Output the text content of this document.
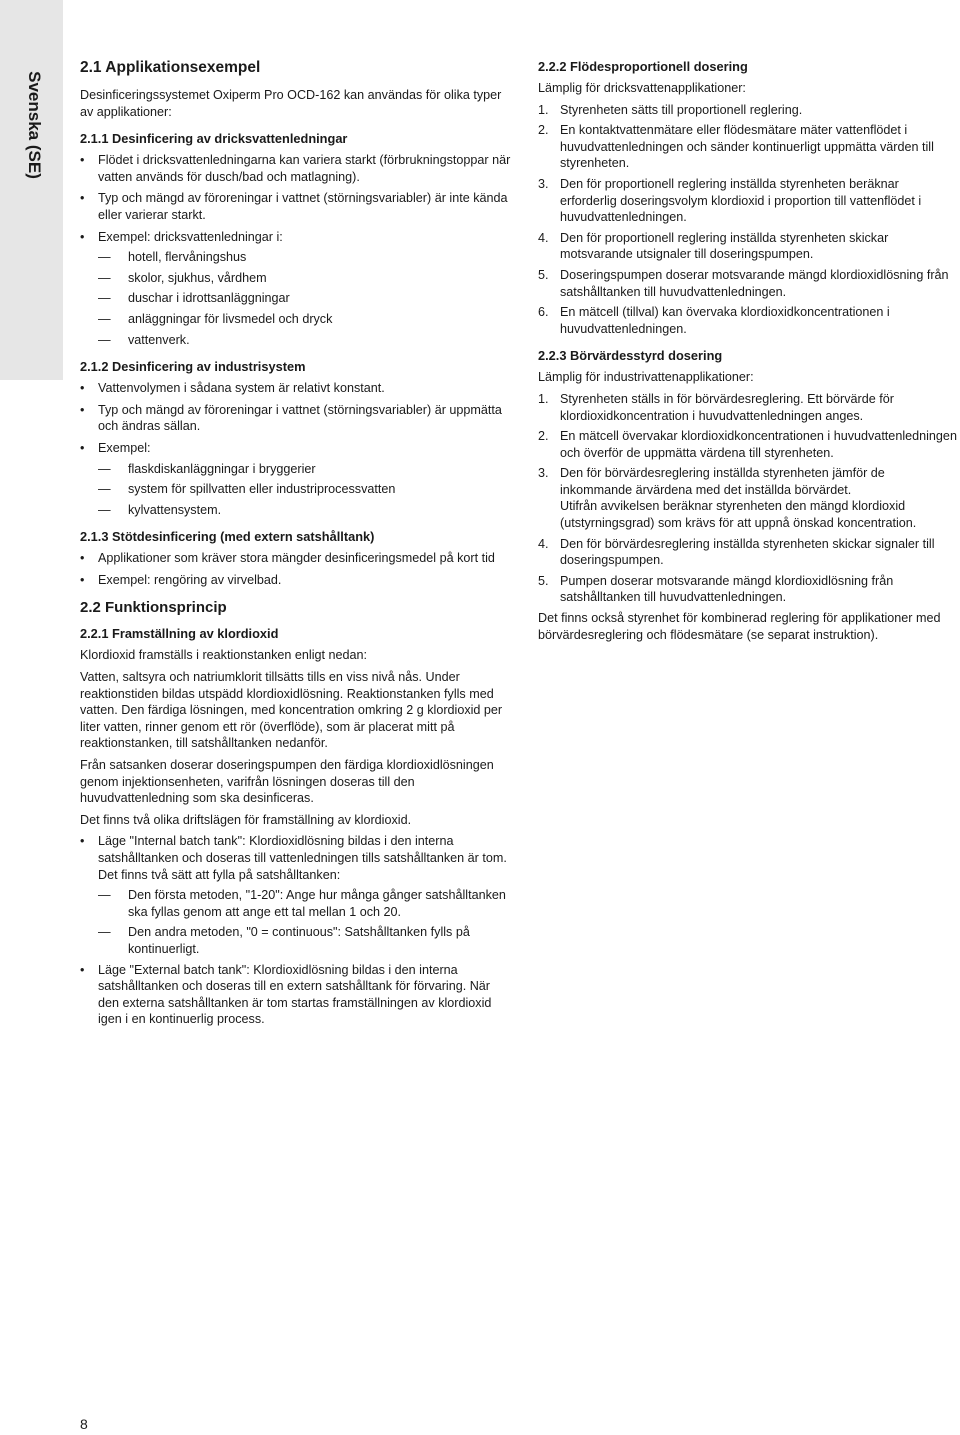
Svenska (SE)
2.1 Applikationsexempel

Desinficeringssystemet Oxiperm Pro OCD-162 kan användas för olika typer av applikationer:

2.1.1 Desinficering av dricksvattenledningar
• Flödet i dricksvattenledningarna kan variera starkt (förbrukningstoppar när vatten används för dusch/bad och matlagning).
• Typ och mängd av föroreningar i vattnet (störningsvariabler) är inte kända eller varierar starkt.
• Exempel: dricksvattenledningar i:
— hotell, flervåningshus
— skolor, sjukhus, vårdhem
— duschar i idrottsanläggningar
— anläggningar för livsmedel och dryck
— vattenverk.
2.1.2 Desinficering av industrisystem
• Vattenvolymen i sådana system är relativt konstant.
• Typ och mängd av föroreningar i vattnet (störningsvariabler) är uppmätta och ändras sällan.
• Exempel:
— flaskdiskanläggningar i bryggerier
— system för spillvatten eller industriprocessvatten
— kylvattensystem.
2.1.3 Stötdesinficering (med extern satshålltank)
• Applikationer som kräver stora mängder desinficeringsmedel på kort tid
• Exempel: rengöring av virvelbad.
2.2 Funktionsprincip
2.2.1 Framställning av klordioxid

Klordioxid framställs i reaktionstanken enligt nedan:

Vatten, saltsyra och natriumklorit tillsätts tills en viss nivå nås. Under reaktionstiden bildas utspädd klordioxidlösning. Reaktionstanken fylls med vatten. Den färdiga lösningen, med koncentration omkring 2 g klordioxid per liter vatten, rinner genom ett rör (överflöde), som är placerat mitt på reaktionstanken, till satshålltanken nedanför.

Från satsanken doserar doseringspumpen den färdiga klordioxidlösningen genom injektionsenheten, varifrån lösningen doseras till den huvudvattenledning som ska desinficeras.

Det finns två olika driftslägen för framställning av klordioxid.

• Läge "Internal batch tank": Klordioxidlösning bildas i den interna satshålltanken och doseras till vattenledningen tills satshålltanken är tom. Det finns två sätt att fylla på satshålltanken:
— Den första metoden, "1-20": Ange hur många gånger satshålltanken ska fyllas genom att ange ett tal mellan 1 och 20.
— Den andra metoden, "0 = continuous": Satshålltanken fylls på kontinuerligt.
• Läge "External batch tank": Klordioxidlösning bildas i den interna satshålltanken och doseras till en extern satshålltank för förvaring. När den externa satshålltanken är tom startas framställningen av klordioxid igen i en kontinuerlig process.
2.2.2 Flödesproportionell dosering

Lämplig för dricksvattenapplikationer:

1. Styrenheten sätts till proportionell reglering.
2. En kontaktvattenmätare eller flödesmätare mäter vattenflödet i huvudvattenledningen och sänder kontinuerligt uppmätta värden till styrenheten.
3. Den för proportionell reglering inställda styrenheten beräknar erforderlig doseringsvolym klordioxid i proportion till vattenflödet i huvudvattenledningen.
4. Den för proportionell reglering inställda styrenheten skickar motsvarande utsignaler till doseringspumpen.
5. Doseringspumpen doserar motsvarande mängd klordioxidlösning från satshålltanken till huvudvattenledningen.
6. En mätcell (tillval) kan övervaka klordioxidkoncentrationen i huvudvattenledningen.
2.2.3 Börvärdesstyrd dosering

Lämplig för industrivattenapplikationer:

1. Styrenheten ställs in för börvärdesreglering. Ett börvärde för klordioxidkoncentration i huvudvattenledningen anges.
2. En mätcell övervakar klordioxidkoncentrationen i huvudvattenledningen och överför de uppmätta värdena till styrenheten.
3. Den för börvärdesreglering inställda styrenheten jämför de inkommande ärvärdena med det inställda börvärdet.
Utifrån avvikelsen beräknar styrenheten den mängd klordioxid (utstyrningsgrad) som krävs för att uppnå önskad koncentration.
4. Den för börvärdesreglering inställda styrenheten skickar signaler till doseringspumpen.
5. Pumpen doserar motsvarande mängd klordioxidlösning från satshålltanken till huvudvattenledningen.

Det finns också styrenhet för kombinerad reglering för applikationer med börvärdesreglering och flödesmätare (se separat instruktion).

8
